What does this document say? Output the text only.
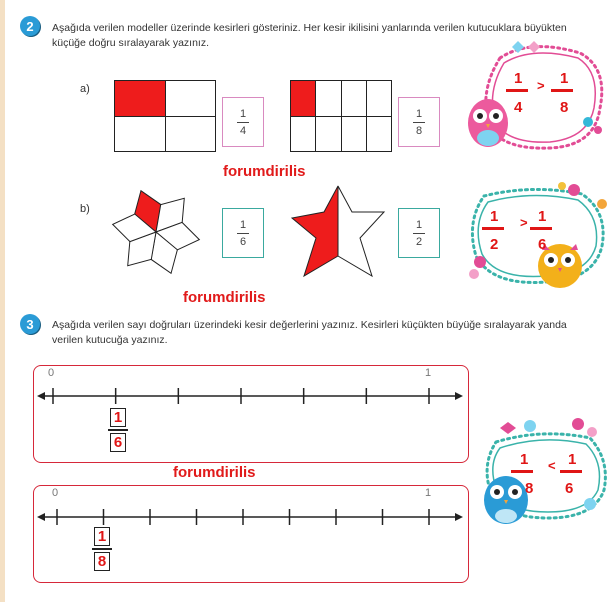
2 Aşağıda verilen modeller üzerinde kesirleri gösteriniz. Her kesir ikilisini yanlarında verilen kutucuklara büyükten küçüğe doğru sıralayarak yazınız.
a)
b)
1
4
1
8
1
4
> 1
8
forumdirilis
1
6
1
2
1
2
> 1
6
forumdirilis
3 Aşağıda verilen sayı doğruları üzerindeki kesir değerlerini yazınız. Kesirleri küçükten büyüğe sıralayarak yanda verilen kutucuğa yazınız.
0	1
$\frac{1}{6}$
forumdirilis
0	1
$\frac{1}{8}$
1
8
< 1
6
